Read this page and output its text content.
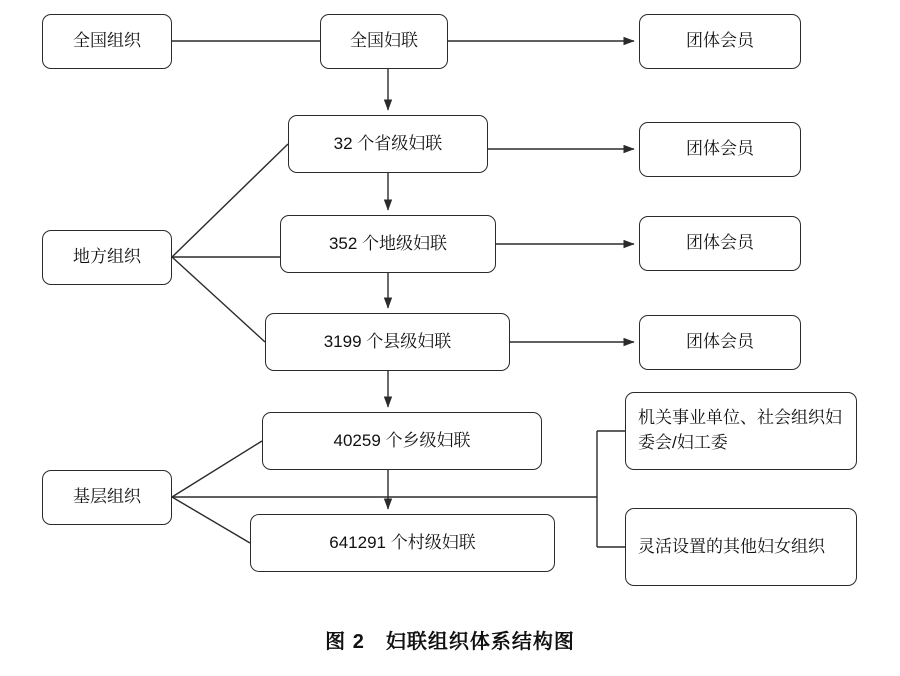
全国组织	全国妇联	团体会员
32 个省级妇联	团体会员
地方组织
352 个地级妇联	团体会员
3199 个县级妇联	团体会员
40259 个乡级妇联
基层组织
641291 个村级妇联
机关事业单位、社会组织妇委会/妇工委
灵活设置的其他妇女组织
图 2　妇联组织体系结构图
